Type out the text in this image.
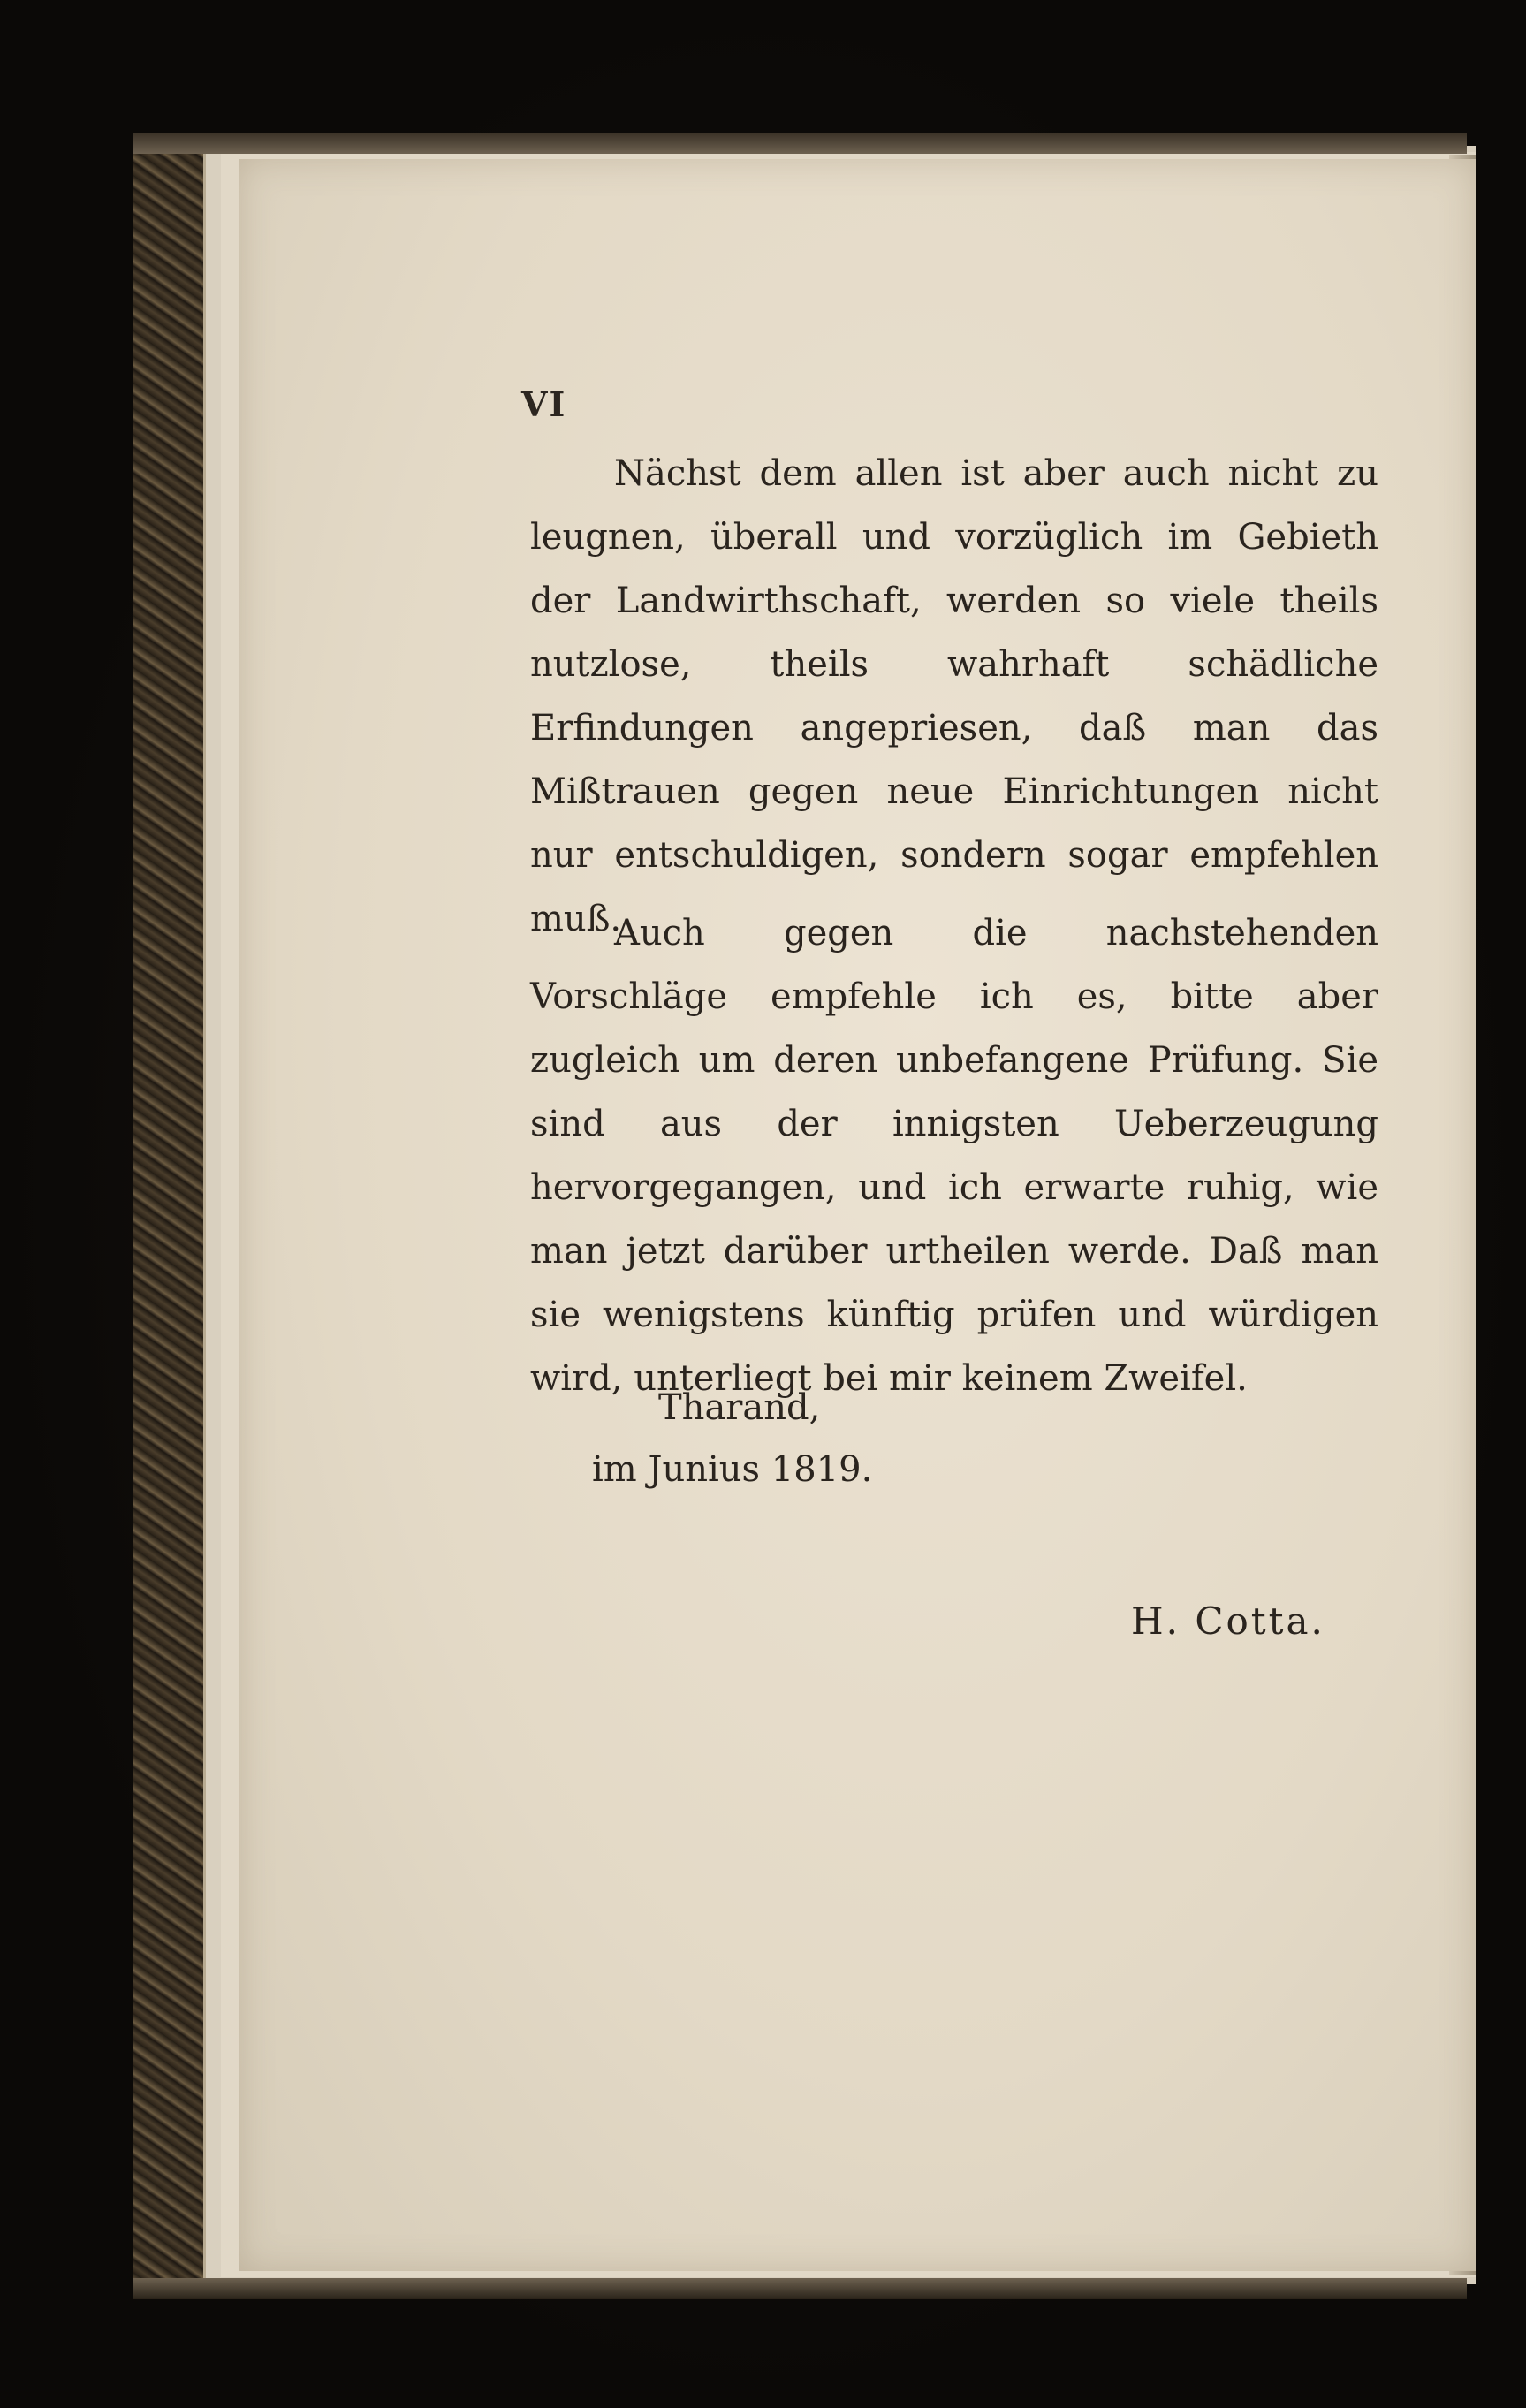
VI
Nächst dem allen ist aber auch nicht zu leugnen, überall und vorzüglich im Gebieth der Landwirthschaft, werden so viele theils nutzlose, theils wahrhaft schädliche Erfindungen angepriesen, daß man das Mißtrauen gegen neue Einrichtungen nicht nur entschuldigen, sondern sogar empfehlen muß.
Auch gegen die nachstehenden Vorschläge empfehle ich es, bitte aber zugleich um deren unbefangene Prüfung. Sie sind aus der innigsten Ueberzeugung hervorgegangen, und ich erwarte ruhig, wie man jetzt darüber urtheilen werde. Daß man sie wenigstens künftig prüfen und würdigen wird, unterliegt bei mir keinem Zweifel.
Tharand,
im Junius 1819.
H. Cotta.
